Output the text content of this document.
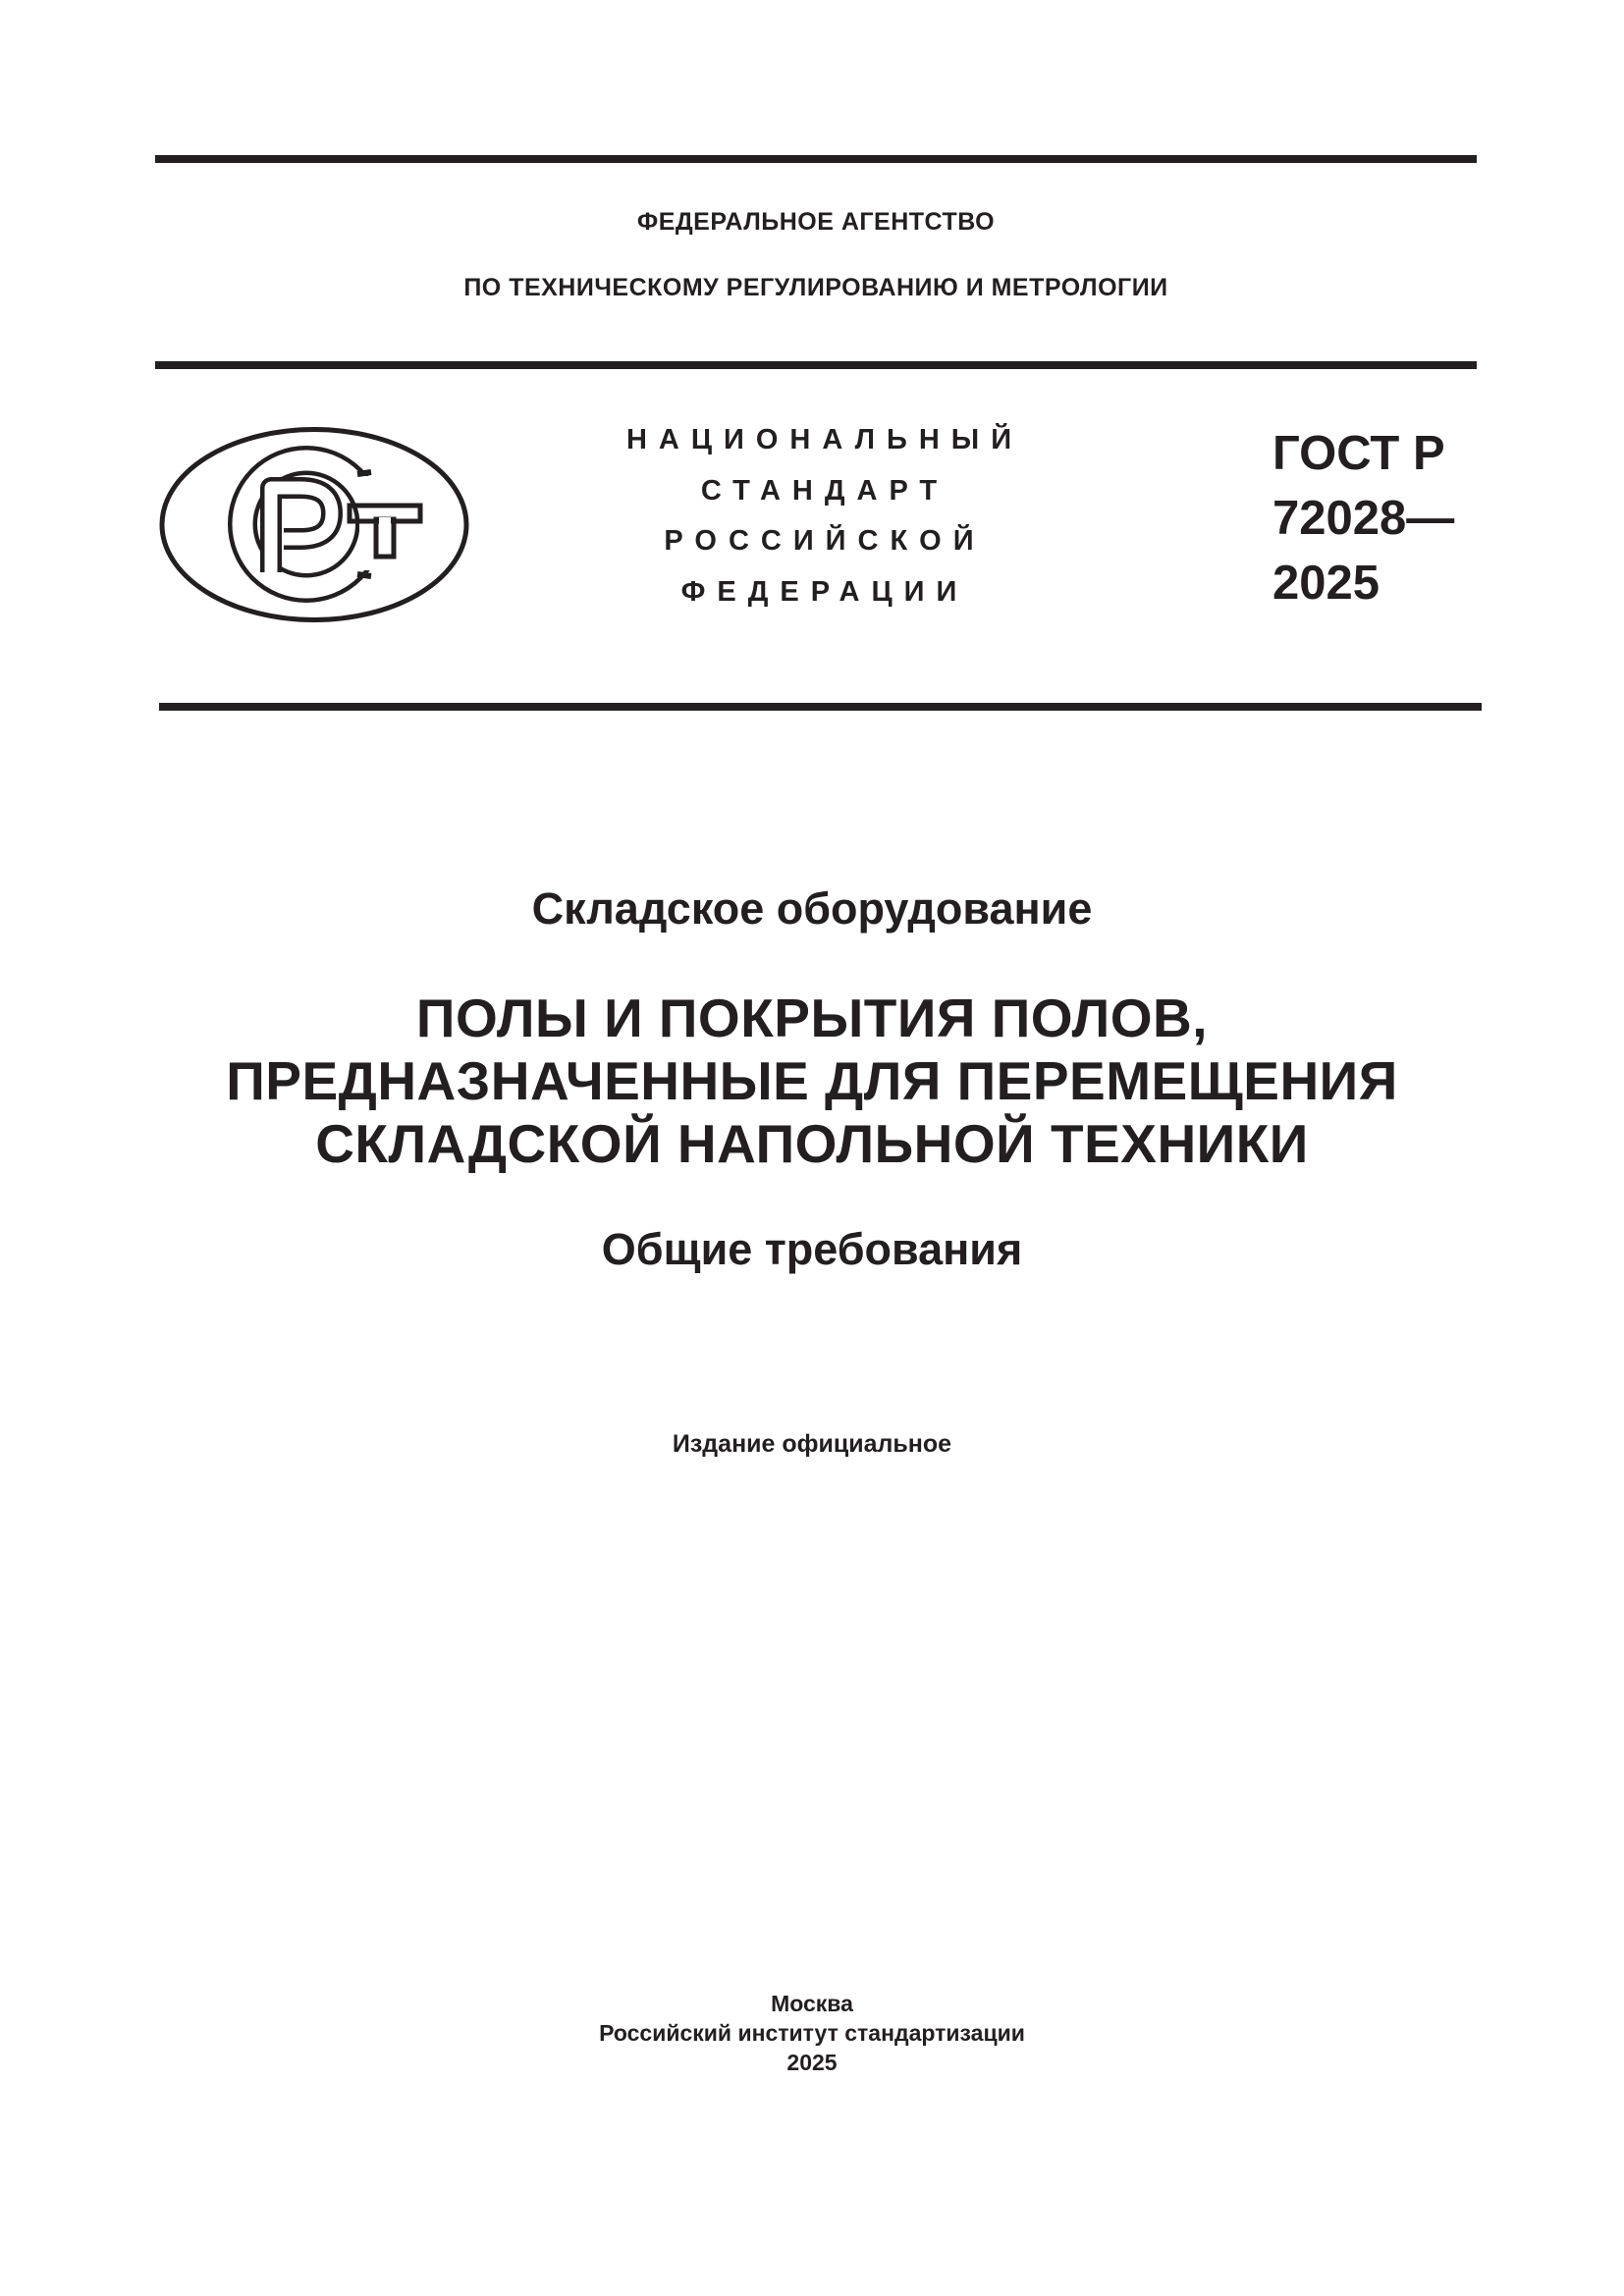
ФЕДЕРАЛЬНОЕ АГЕНТСТВО
ПО ТЕХНИЧЕСКОМУ РЕГУЛИРОВАНИЮ И МЕТРОЛОГИИ
НАЦИОНАЛЬНЫЙ
СТАНДАРТ
РОССИЙСКОЙ
ФЕДЕРАЦИИ
ГОСТ Р
72028—
2025
Складское оборудование
ПОЛЫ И ПОКРЫТИЯ ПОЛОВ,
ПРЕДНАЗНАЧЕННЫЕ ДЛЯ ПЕРЕМЕЩЕНИЯ
СКЛАДСКОЙ НАПОЛЬНОЙ ТЕХНИКИ
Общие требования
Издание официальное
Москва
Российский институт стандартизации
2025
